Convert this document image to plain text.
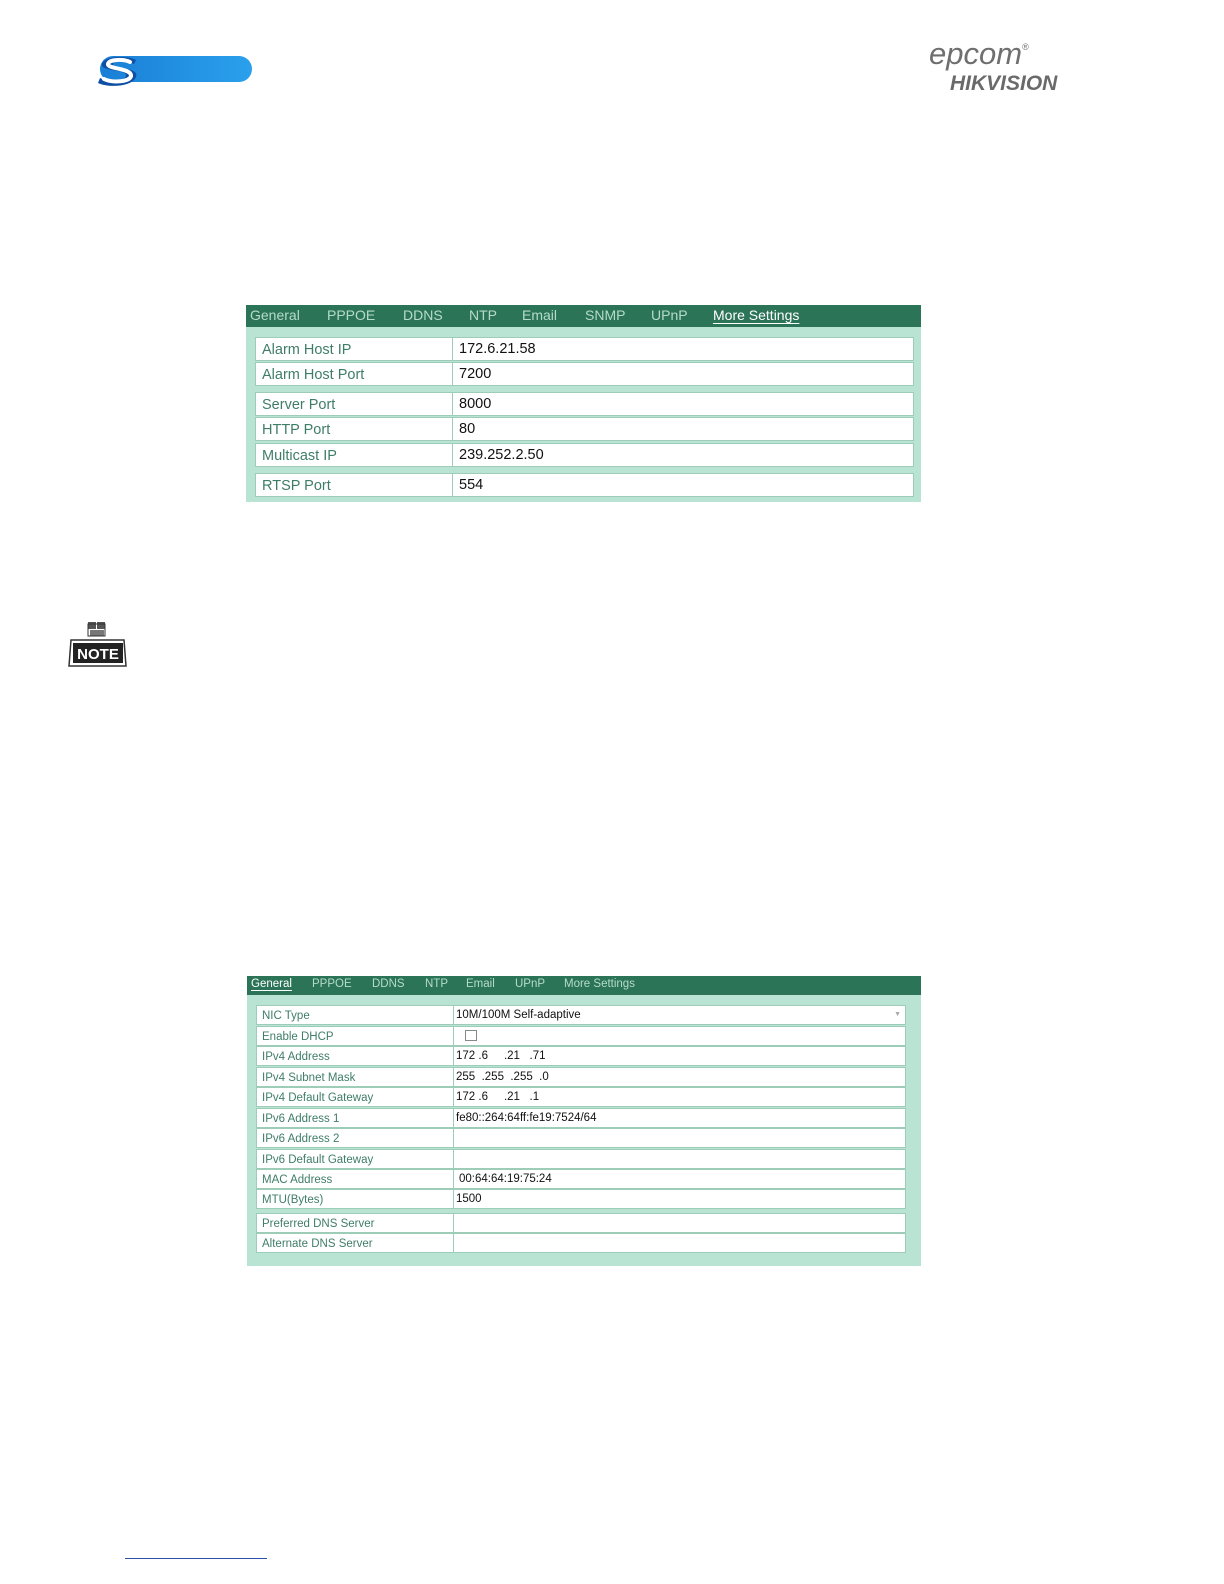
epcom®
HIKVISION
General PPPOE DDNS NTP Email SNMP UPnP More Settings
Alarm Host IP	172.6.21.58
Alarm Host Port	7200
Server Port	8000
HTTP Port	80
Multicast IP	239.252.2.50
RTSP Port	554
NOTE
General PPPOE DDNS NTP Email UPnP More Settings
NIC Type	10M/100M Self-adaptive	▼
Enable DHCP
IPv4 Address	172 .6     .21   .71
IPv4 Subnet Mask	255  .255  .255  .0
IPv4 Default Gateway	172 .6     .21   .1
IPv6 Address 1	fe80::264:64ff:fe19:7524/64
IPv6 Address 2
IPv6 Default Gateway
MAC Address	00:64:64:19:75:24
MTU(Bytes)	1500
Preferred DNS Server
Alternate DNS Server
